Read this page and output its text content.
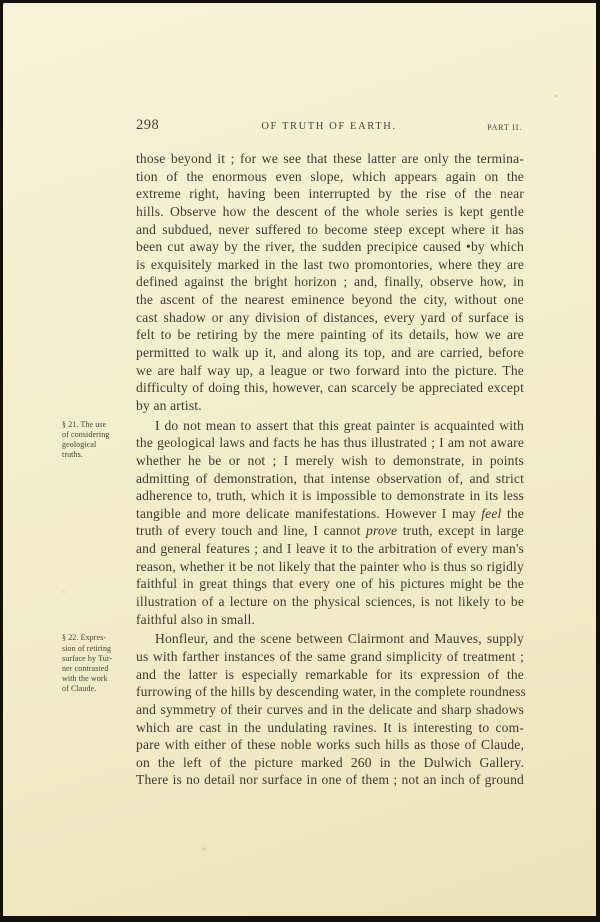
298	OF TRUTH OF EARTH.	PART II.
those beyond it ; for we see that these latter are only the termina-
tion of the enormous even slope, which appears again on the
extreme right, having been interrupted by the rise of the near
hills. Observe how the descent of the whole series is kept gentle
and subdued, never suffered to become steep except where it has
been cut away by the river, the sudden precipice caused •by which
is exquisitely marked in the last two promontories, where they are
defined against the bright horizon ; and, finally, observe how, in
the ascent of the nearest eminence beyond the city, without one
cast shadow or any division of distances, every yard of surface is
felt to be retiring by the mere painting of its details, how we are
permitted to walk up it, and along its top, and are carried, before
we are half way up, a league or two forward into the picture. The
difficulty of doing this, however, can scarcely be appreciated except
by an artist.
§ 21. The use
of considering
geological
truths.
I do not mean to assert that this great painter is acquainted with
the geological laws and facts he has thus illustrated ; I am not aware
whether he be or not ; I merely wish to demonstrate, in points
admitting of demonstration, that intense observation of, and strict
adherence to, truth, which it is impossible to demonstrate in its less
tangible and more delicate manifestations. However I may feel the
truth of every touch and line, I cannot prove truth, except in large
and general features ; and I leave it to the arbitration of every man's
reason, whether it be not likely that the painter who is thus so rigidly
faithful in great things that every one of his pictures might be the
illustration of a lecture on the physical sciences, is not likely to be
faithful also in small.
§ 22. Expres-
sion of retiring
surface by Tur-
ner contrasted
with the work
of Claude.
Honfleur, and the scene between Clairmont and Mauves, supply
us with farther instances of the same grand simplicity of treatment ;
and the latter is especially remarkable for its expression of the
furrowing of the hills by descending water, in the complete roundness
and symmetry of their curves and in the delicate and sharp shadows
which are cast in the undulating ravines. It is interesting to com-
pare with either of these noble works such hills as those of Claude,
on the left of the picture marked 260 in the Dulwich Gallery.
There is no detail nor surface in one of them ; not an inch of ground
